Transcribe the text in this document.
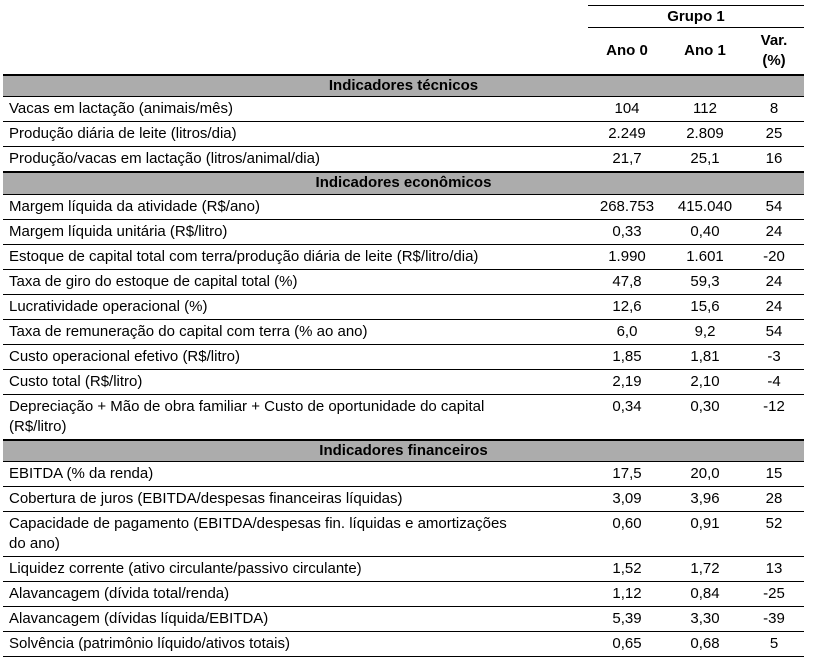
	Grupo 1		
	Ano 0	Ano 1	Var.
(%)

Indicadores técnicos			

Vacas em lactação (animais/mês)	104	112	8

Produção diária de leite (litros/dia)	2.249	2.809	25

Produção/vacas em lactação (litros/animal/dia)	21,7	25,1	16
Indicadores econômicos			

Margem líquida da atividade (R$/ano)	268.753	415.040	54

Margem líquida unitária (R$/litro)	0,33	0,40	24

Estoque de capital total com terra/produção diária de leite (R$/litro/dia)	1.990	1.601	-20

Taxa de giro do estoque de capital total (%)	47,8	59,3	24

Lucratividade operacional (%)	12,6	15,6	24

Taxa de remuneração do capital com terra (% ao ano)	6,0	9,2	54

Custo operacional efetivo (R$/litro)	1,85	1,81	-3

Custo total (R$/litro)	2,19	2,10	-4

Depreciação + Mão de obra familiar + Custo de oportunidade do capital
(R$/litro)	0,34	0,30	-12
Indicadores financeiros			

EBITDA (% da renda)	17,5	20,0	15

Cobertura de juros (EBITDA/despesas financeiras líquidas)	3,09	3,96	28

Capacidade de pagamento (EBITDA/despesas fin. líquidas e amortizações
do ano)	0,60	0,91	52

Liquidez corrente (ativo circulante/passivo circulante)	1,52	1,72	13

Alavancagem (dívida total/renda)	1,12	0,84	-25

Alavancagem (dívidas líquida/EBITDA)	5,39	3,30	-39

Solvência (patrimônio líquido/ativos totais)	0,65	0,68	5
